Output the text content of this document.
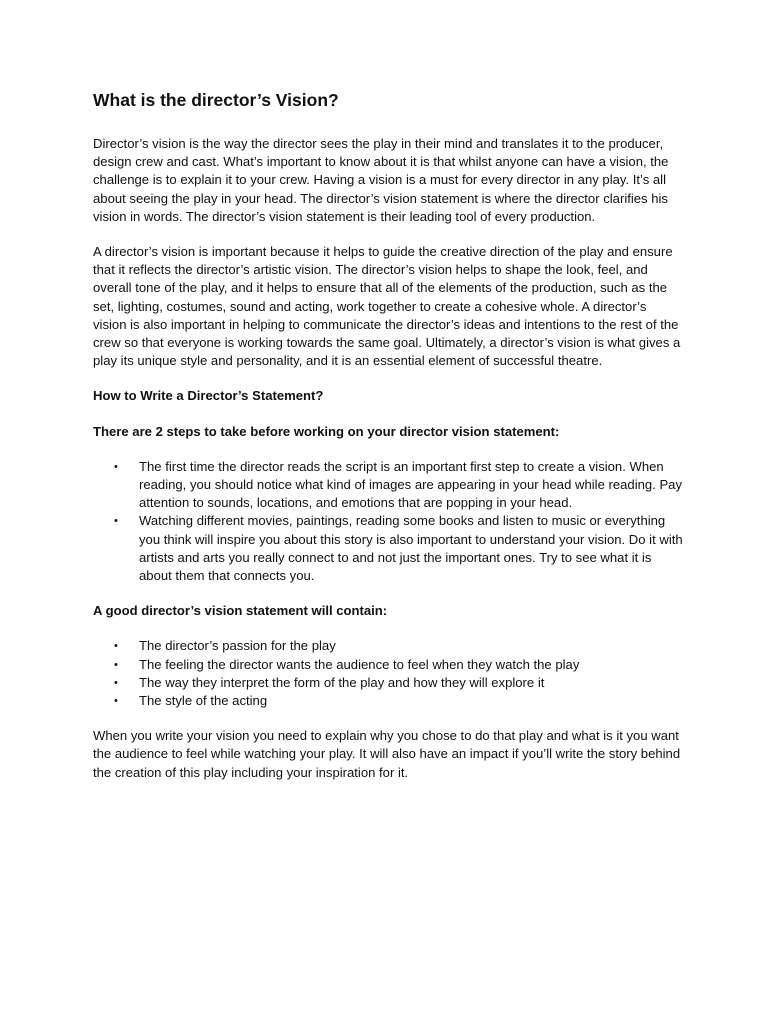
What is the director’s Vision?

Director’s vision is the way the director sees the play in their mind and translates it to the producer, design crew and cast. What’s important to know about it is that whilst anyone can have a vision, the challenge is to explain it to your crew. Having a vision is a must for every director in any play. It’s all about seeing the play in your head. The director’s vision statement is where the director clarifies his vision in words. The director’s vision statement is their leading tool of every production.

A director’s vision is important because it helps to guide the creative direction of the play and ensure that it reflects the director’s artistic vision. The director’s vision helps to shape the look, feel, and overall tone of the play, and it helps to ensure that all of the elements of the production, such as the set, lighting, costumes, sound and acting, work together to create a cohesive whole. A director’s vision is also important in helping to communicate the director’s ideas and intentions to the rest of the crew so that everyone is working towards the same goal. Ultimately, a director’s vision is what gives a play its unique style and personality, and it is an essential element of successful theatre.

How to Write a Director’s Statement?

There are 2 steps to take before working on your director vision statement:

•	The first time the director reads the script is an important first step to create a vision. When reading, you should notice what kind of images are appearing in your head while reading. Pay attention to sounds, locations, and emotions that are popping in your head.
•	Watching different movies, paintings, reading some books and listen to music or everything you think will inspire you about this story is also important to understand your vision. Do it with artists and arts you really connect to and not just the important ones. Try to see what it is about them that connects you.

A good director’s vision statement will contain:

•	The director’s passion for the play
•	The feeling the director wants the audience to feel when they watch the play
•	The way they interpret the form of the play and how they will explore it
•	The style of the acting

When you write your vision you need to explain why you chose to do that play and what is it you want the audience to feel while watching your play. It will also have an impact if you’ll write the story behind the creation of this play including your inspiration for it.
